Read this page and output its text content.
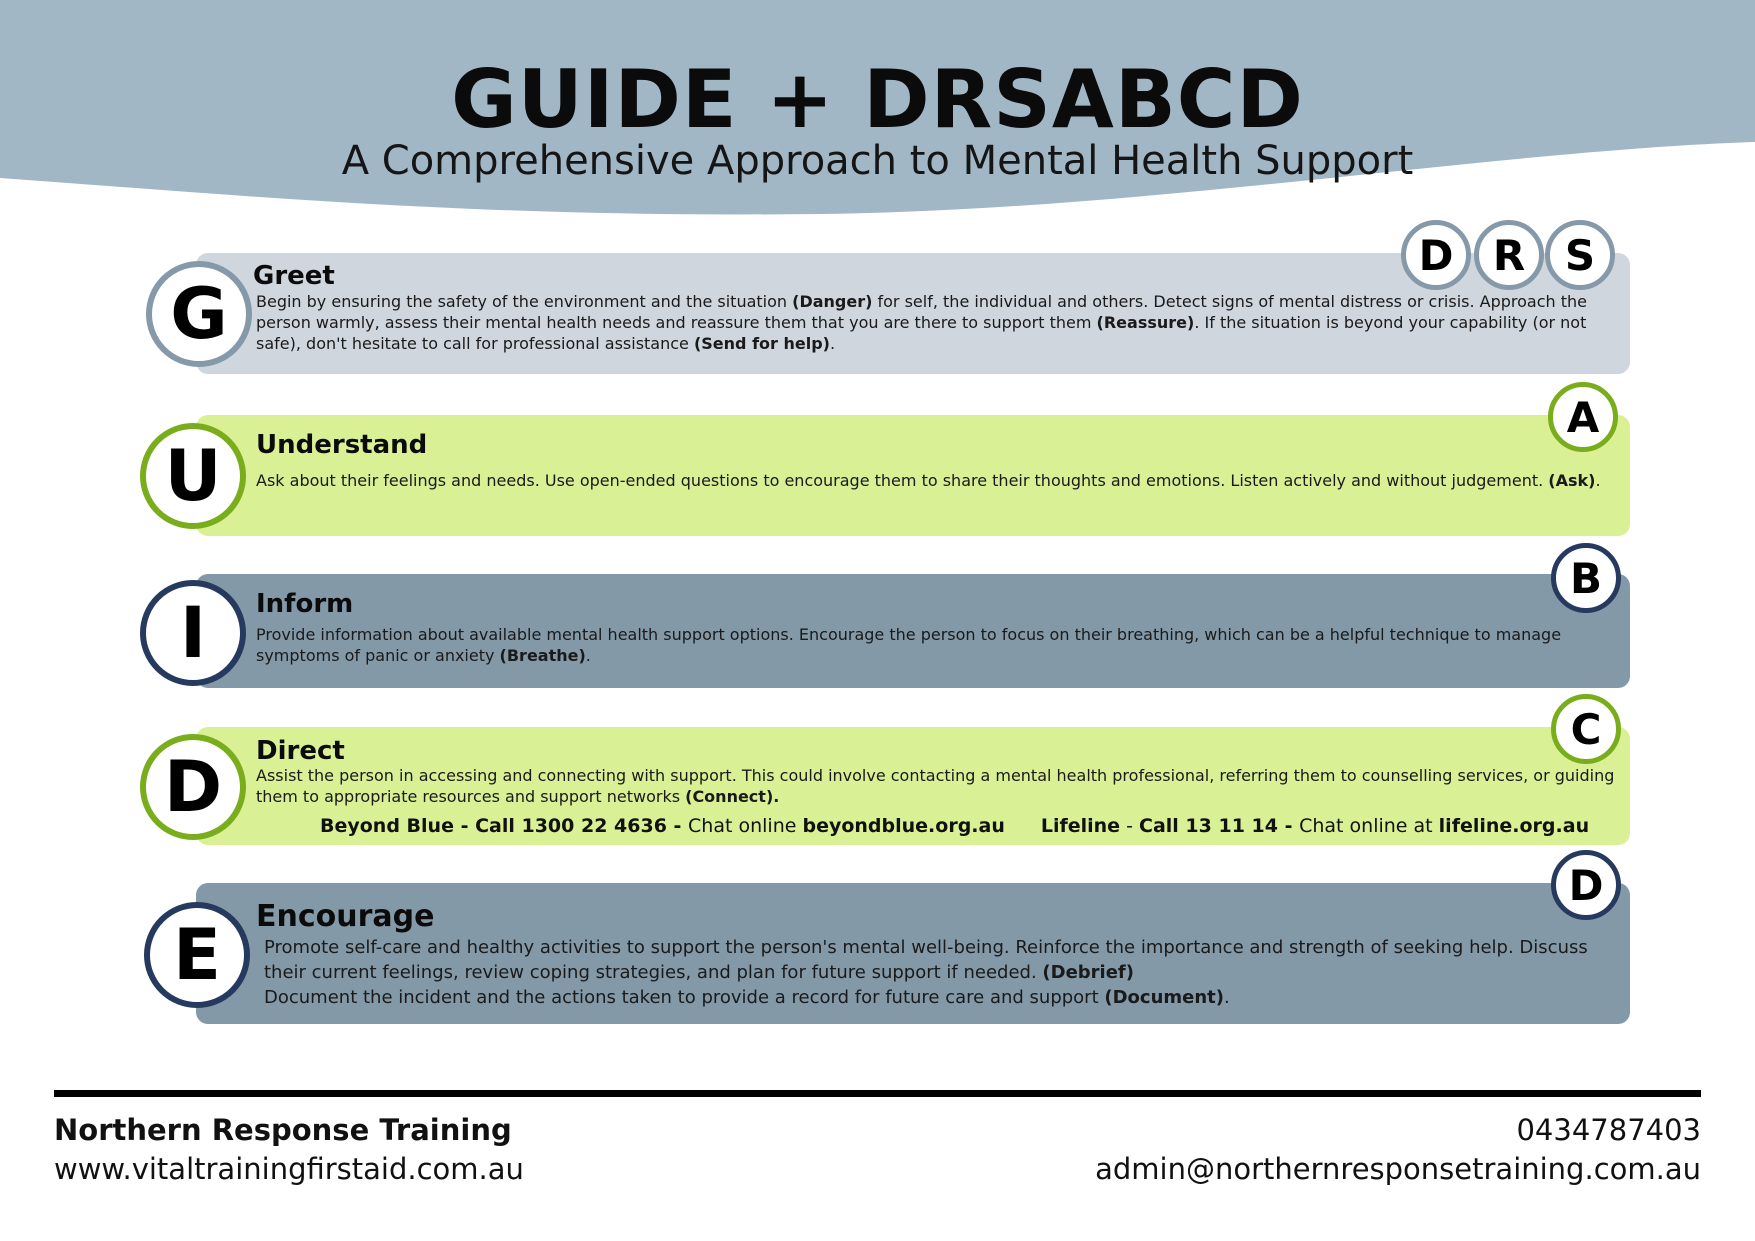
GUIDE + DRSABCD
A Comprehensive Approach to Mental Health Support
G
D R S
Greet
Begin by ensuring the safety of the environment and the situation (Danger) for self, the individual and others. Detect signs of mental distress or crisis. Approach the person warmly, assess their mental health needs and reassure them that you are there to support them (Reassure). If the situation is beyond your capability (or not safe), don't hesitate to call for professional assistance (Send for help).
U
A
Understand
Ask about their feelings and needs. Use open-ended questions to encourage them to share their thoughts and emotions. Listen actively and without judgement. (Ask).
I
B
Inform
Provide information about available mental health support options. Encourage the person to focus on their breathing, which can be a helpful technique to manage symptoms of panic or anxiety (Breathe).
D
C
Direct
Assist the person in accessing and connecting with support. This could involve contacting a mental health professional, referring them to counselling services, or guiding them to appropriate resources and support networks (Connect).
Beyond Blue - Call 1300 22 4636 - Chat online beyondblue.org.au Lifeline - Call 13 11 14 - Chat online at lifeline.org.au
E
D
Encourage
Promote self-care and healthy activities to support the person's mental well-being. Reinforce the importance and strength of seeking help. Discuss their current feelings, review coping strategies, and plan for future support if needed. (Debrief)
Document the incident and the actions taken to provide a record for future care and support (Document).
Northern Response Training
www.vitaltrainingfirstaid.com.au
0434787403
admin@northernresponsetraining.com.au
